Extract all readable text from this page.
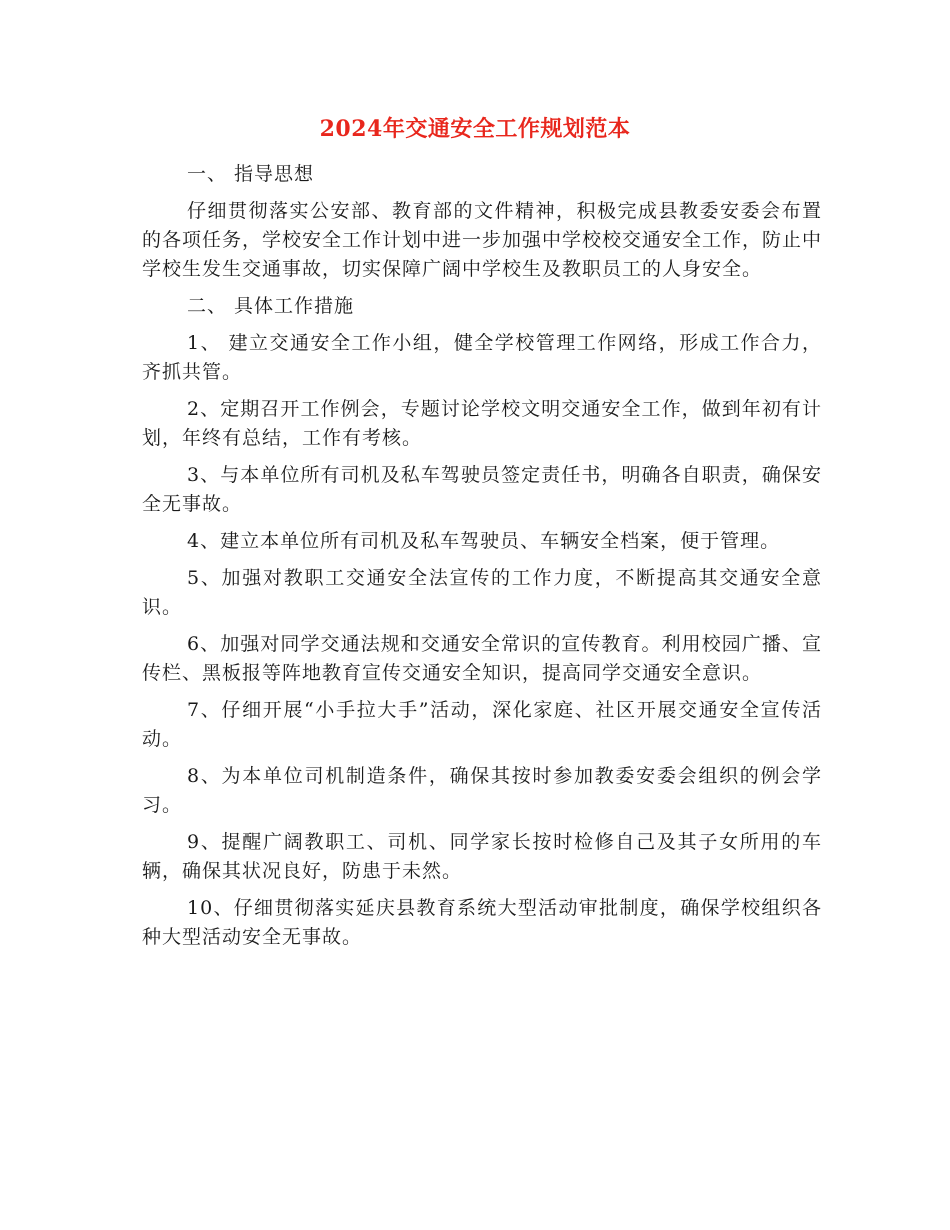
2024年交通安全工作规划范本

一、 指导思想

仔细贯彻落实公安部、教育部的文件精神，积极完成县教委安委会布置的各项任务，学校安全工作计划中进一步加强中学校校交通安全工作，防止中学校生发生交通事故，切实保障广阔中学校生及教职员工的人身安全。

二、 具体工作措施

1、 建立交通安全工作小组，健全学校管理工作网络，形成工作合力，齐抓共管。

2、定期召开工作例会，专题讨论学校文明交通安全工作，做到年初有计划，年终有总结，工作有考核。

3、与本单位所有司机及私车驾驶员签定责任书，明确各自职责，确保安全无事故。

4、建立本单位所有司机及私车驾驶员、车辆安全档案，便于管理。

5、加强对教职工交通安全法宣传的工作力度，不断提高其交通安全意识。

6、加强对同学交通法规和交通安全常识的宣传教育。利用校园广播、宣传栏、黑板报等阵地教育宣传交通安全知识，提高同学交通安全意识。

7、仔细开展“小手拉大手”活动，深化家庭、社区开展交通安全宣传活动。

8、为本单位司机制造条件，确保其按时参加教委安委会组织的例会学习。

9、提醒广阔教职工、司机、同学家长按时检修自己及其子女所用的车辆，确保其状况良好，防患于未然。

10、仔细贯彻落实延庆县教育系统大型活动审批制度，确保学校组织各种大型活动安全无事故。
